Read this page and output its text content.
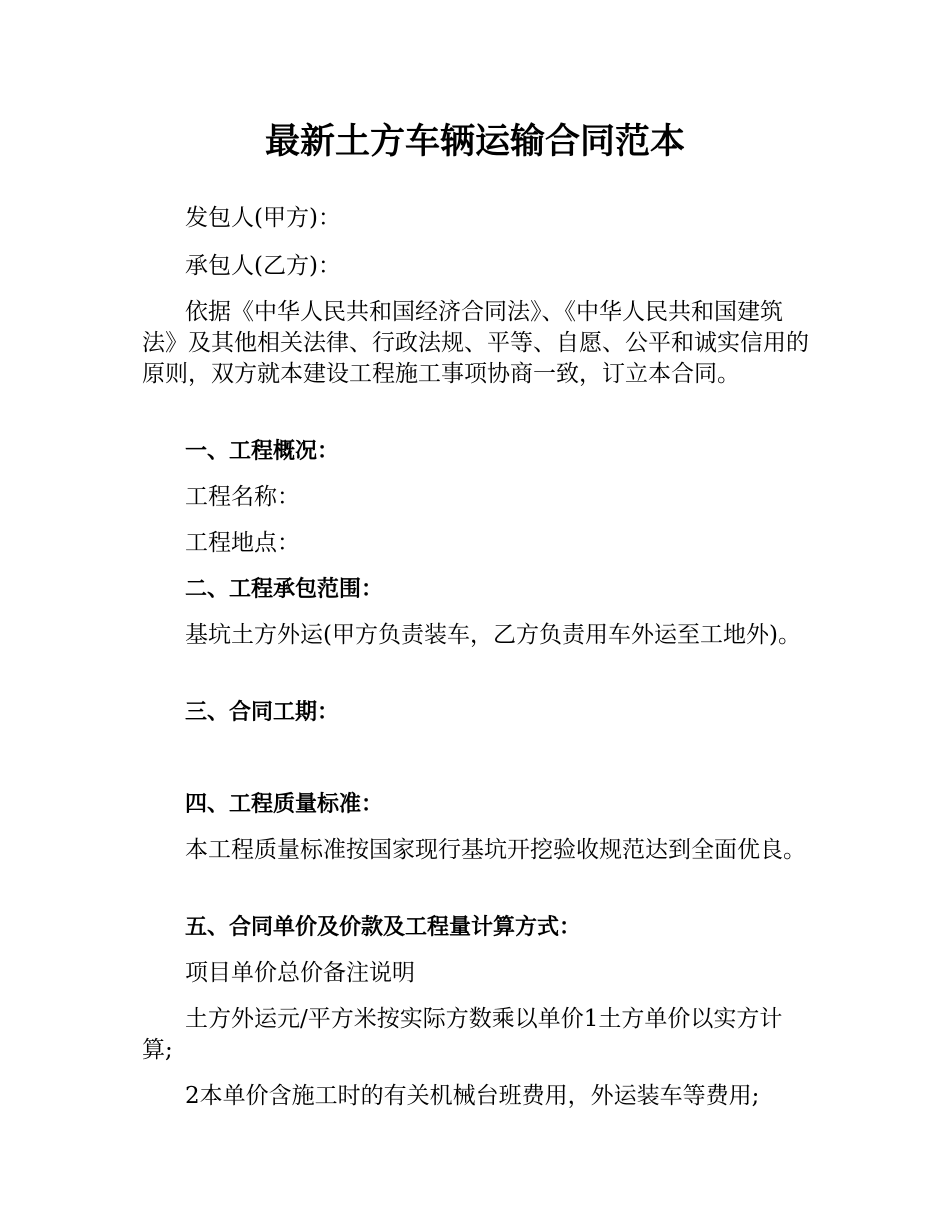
最新土方车辆运输合同范本

发包人(甲方)：

承包人(乙方)：

依据《中华人民共和国经济合同法》、《中华人民共和国建筑法》及其他相关法律、行政法规、平等、自愿、公平和诚实信用的原则，双方就本建设工程施工事项协商一致，订立本合同。

一、工程概况：

工程名称：

工程地点：

二、工程承包范围：

基坑土方外运(甲方负责装车，乙方负责用车外运至工地外)。

三、合同工期：

四、工程质量标准：

本工程质量标准按国家现行基坑开挖验收规范达到全面优良。

五、合同单价及价款及工程量计算方式：

项目单价总价备注说明

土方外运元/平方米按实际方数乘以单价1土方单价以实方计算;

2本单价含施工时的有关机械台班费用，外运装车等费用;
